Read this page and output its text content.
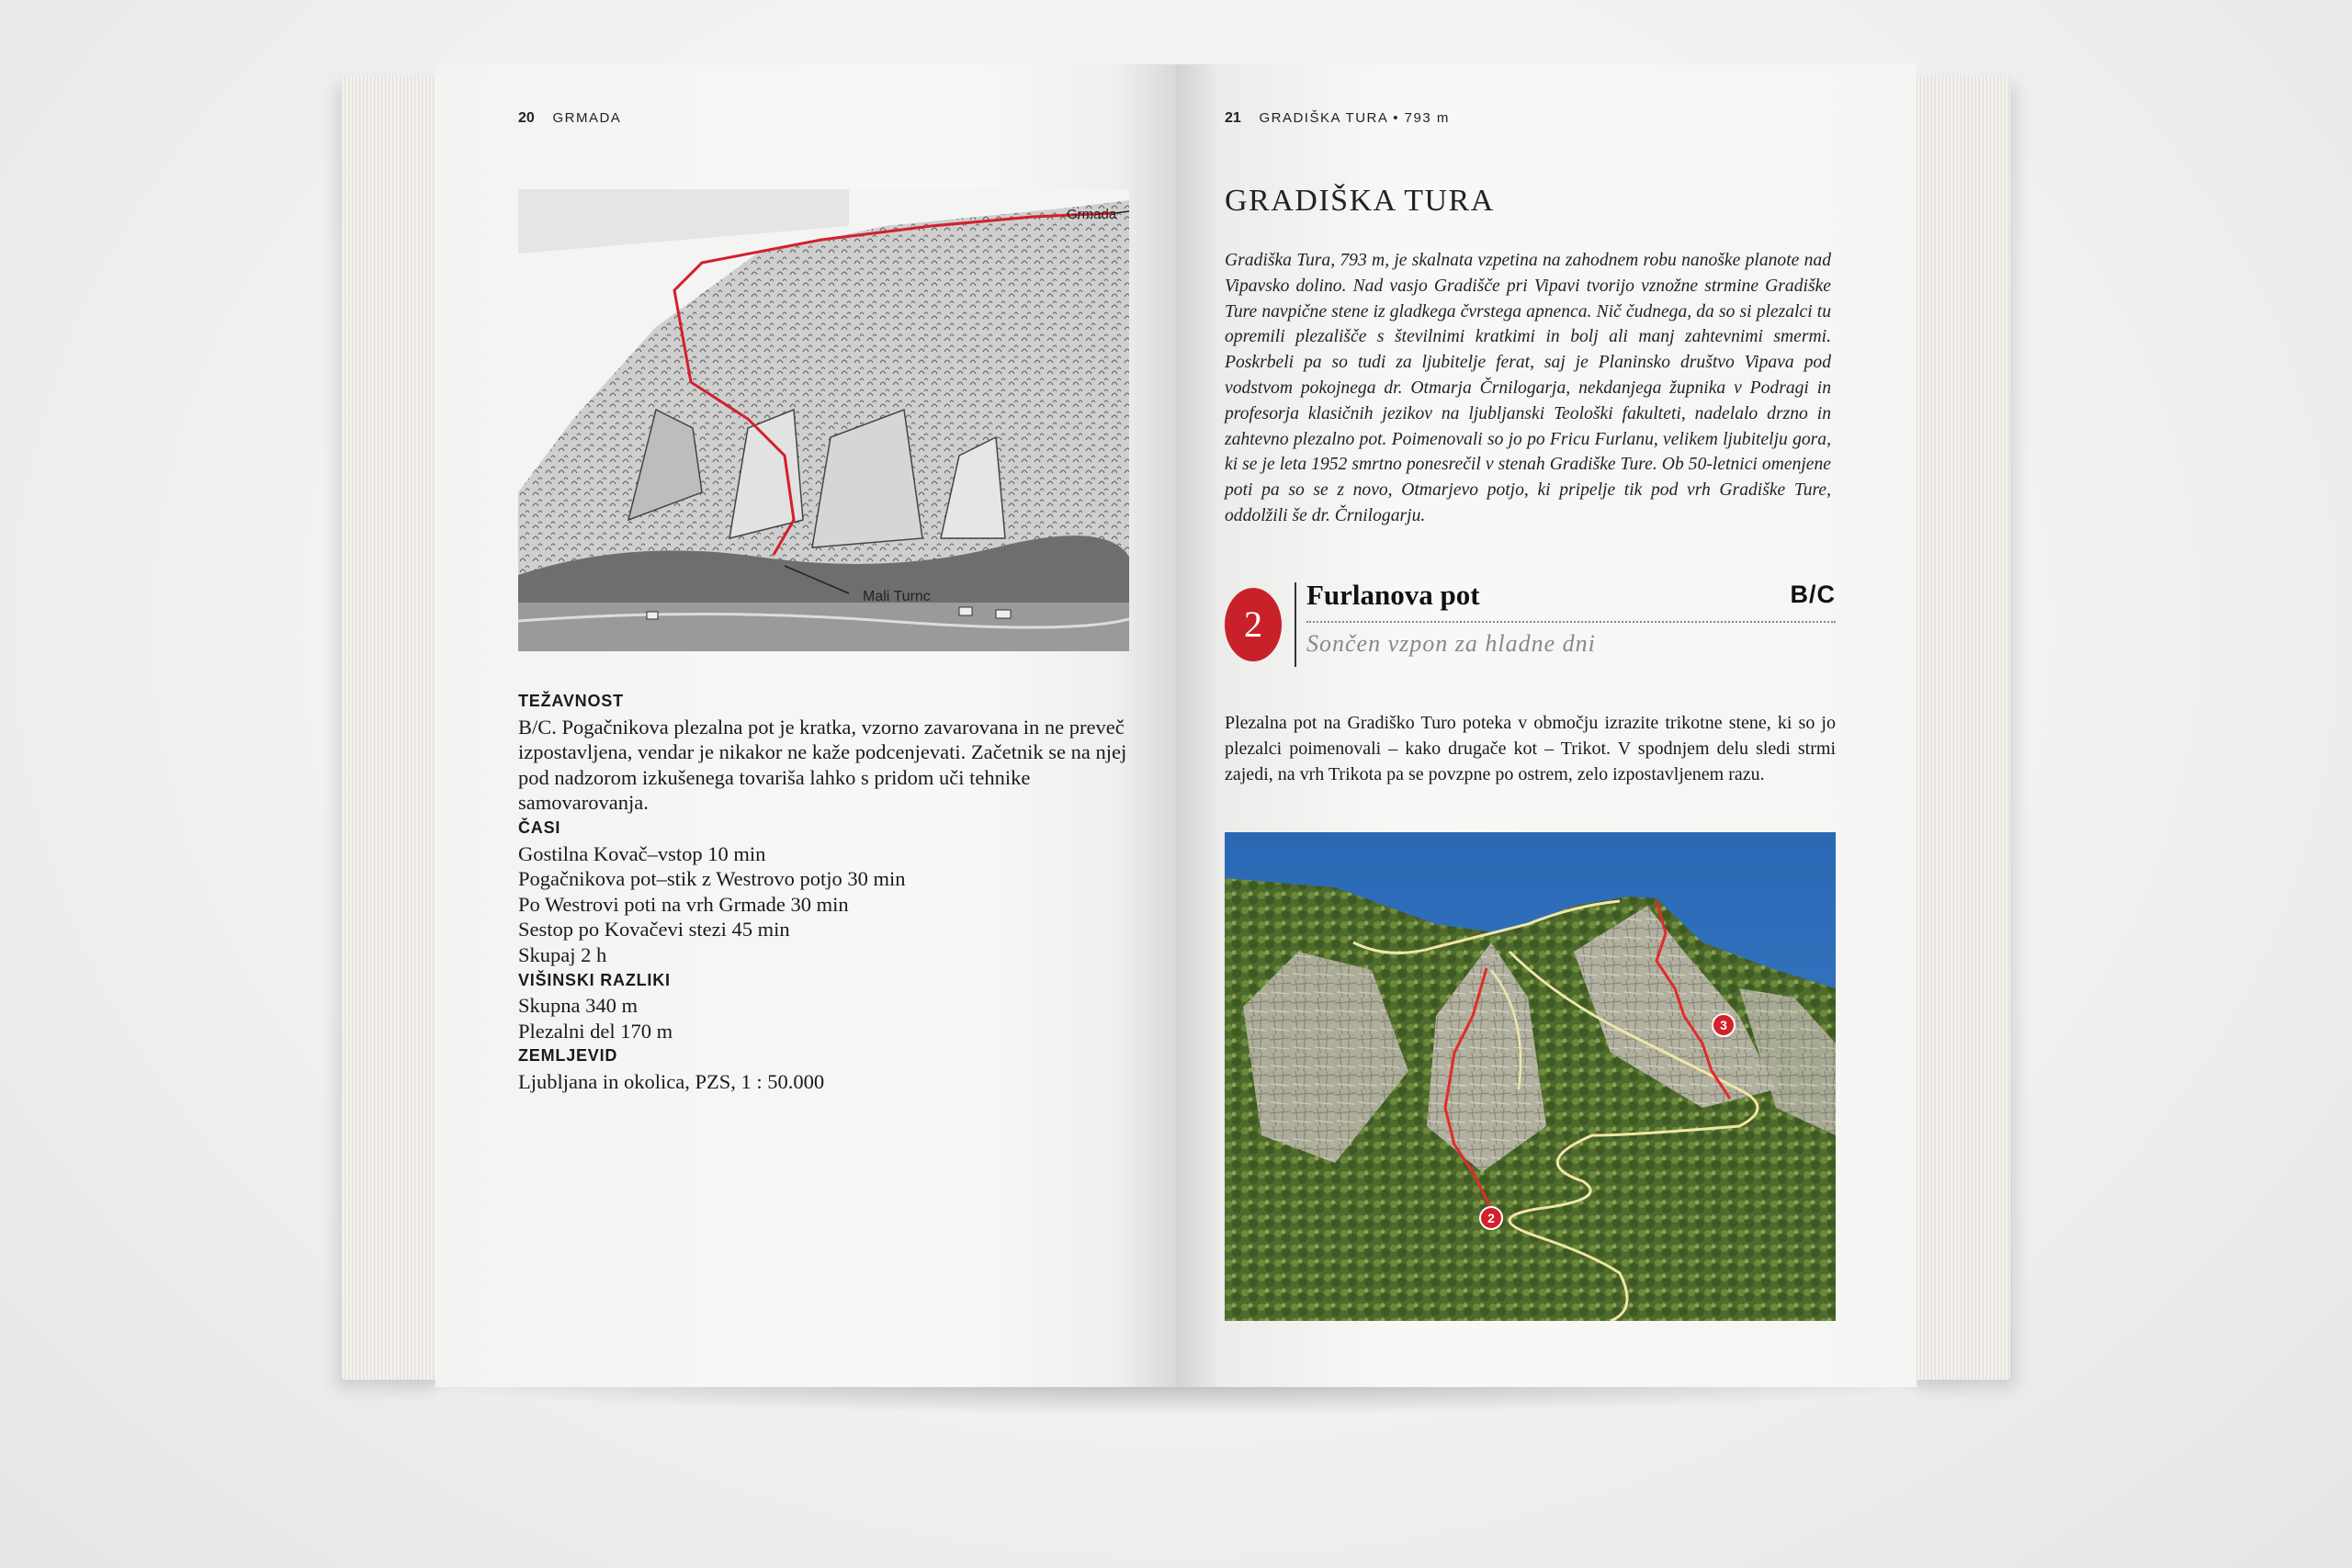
20 GRMADA
Grmada
Mali Turnc
TEŽAVNOST
B/C. Pogačnikova plezalna pot je kratka, vzorno zavarovana in ne preveč izpostavljena, vendar je nikakor ne kaže podcenjevati. Začetnik se na njej pod nadzorom izkušenega tovariša lahko s pridom uči tehnike samovarovanja.
ČASI
Gostilna Kovač–vstop 10 min
Pogačnikova pot–stik z Westrovo potjo 30 min
Po Westrovi poti na vrh Grmade 30 min
Sestop po Kovačevi stezi 45 min
Skupaj 2 h
VIŠINSKI RAZLIKI
Skupna 340 m
Plezalni del 170 m
ZEMLJEVID
Ljubljana in okolica, PZS, 1 : 50.000
21 GRADIŠKA TURA • 793 m
GRADIŠKA TURA
Gradiška Tura, 793 m, je skalnata vzpetina na zahodnem robu nanoške planote nad Vipavsko dolino. Nad vasjo Gradišče pri Vipavi tvorijo vznožne strmine Gradiške Ture navpične stene iz gladkega čvrstega apnenca. Nič čudnega, da so si plezalci tu opremili plezališče s številnimi kratkimi in bolj ali manj zahtevnimi smermi. Poskrbeli pa so tudi za ljubitelje ferat, saj je Planinsko društvo Vipava pod vodstvom pokojnega dr. Otmarja Črnilogarja, nekdanjega župnika v Podragi in profesorja klasičnih jezikov na ljubljanski Teološki fakulteti, nadelalo drzno in zahtevno plezalno pot. Poimenovali so jo po Fricu Furlanu, velikem ljubitelju gora, ki se je leta 1952 smrtno ponesrečil v stenah Gradiške Ture. Ob 50-letnici omenjene poti pa so se z novo, Otmarjevo potjo, ki pripelje tik pod vrh Gradiške Ture, oddolžili še dr. Črnilogarju.
2
Furlanova pot	B/C
Sončen vzpon za hladne dni
Plezalna pot na Gradiško Turo poteka v območju izrazite trikotne stene, ki so jo plezalci poimenovali – kako drugače kot – Trikot. V spodnjem delu sledi strmi zajedi, na vrh Trikota pa se povzpne po ostrem, zelo izpostavljenem razu.
2
3
